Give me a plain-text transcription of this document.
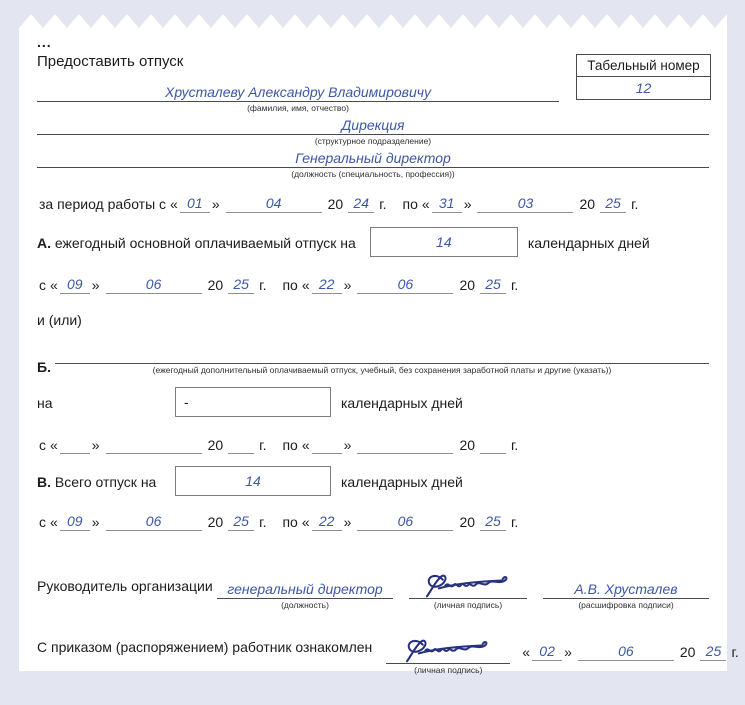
...
Предоставить отпуск	Табельный номер
12
Хрусталеву Александру Владимировичу
(фамилия, имя, отчество)
Дирекция
(структурное подразделение)
Генеральный директор
(должность (специальность, профессия))
за период работы с « 01 »	04	20 24 г. по « 31 »	03	20 25 г.
А. ежегодный основной оплачиваемый отпуск на	14	календарных дней
с « 09 »	06	20 25 г. по « 22 »	06	20 25 г.
и (или)
Б.	(ежегодный дополнительный оплачиваемый отпуск, учебный, без сохранения заработной платы и другие (указать))
на	-	календарных дней
с « »	20	г. по « »	20	г.
В. Всего отпуск на	14	календарных дней
с « 09 »	06	20 25 г. по « 22 »	06	20 25 г.
Руководитель организации	генеральный директор
(должность)	(личная подпись)
А.В. Хрусталев
(расшифровка подписи)
С приказом (распоряжением) работник ознакомлен
(личная подпись)
« 02 »	06	20 25 г.
